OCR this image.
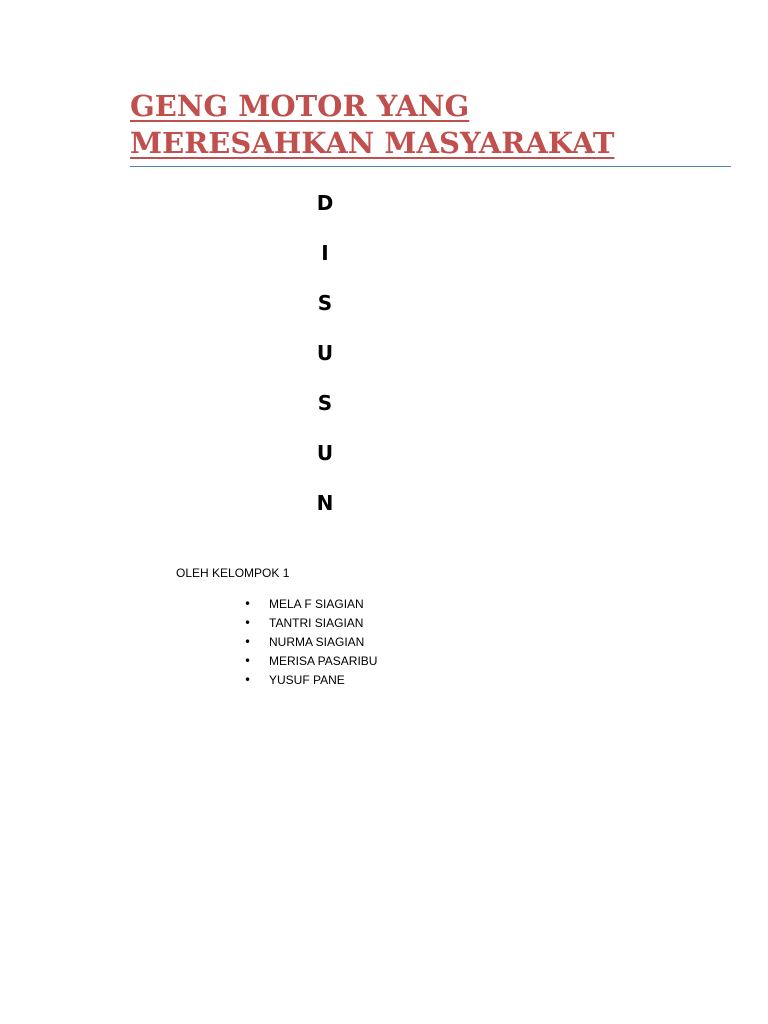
GENG MOTOR YANG
MERESAHKAN MASYARAKAT
D
I
S
U
S
U
N

OLEH KELOMPOK 1

• MELA F SIAGIAN
• TANTRI SIAGIAN
• NURMA SIAGIAN
• MERISA PASARIBU
• YUSUF PANE
